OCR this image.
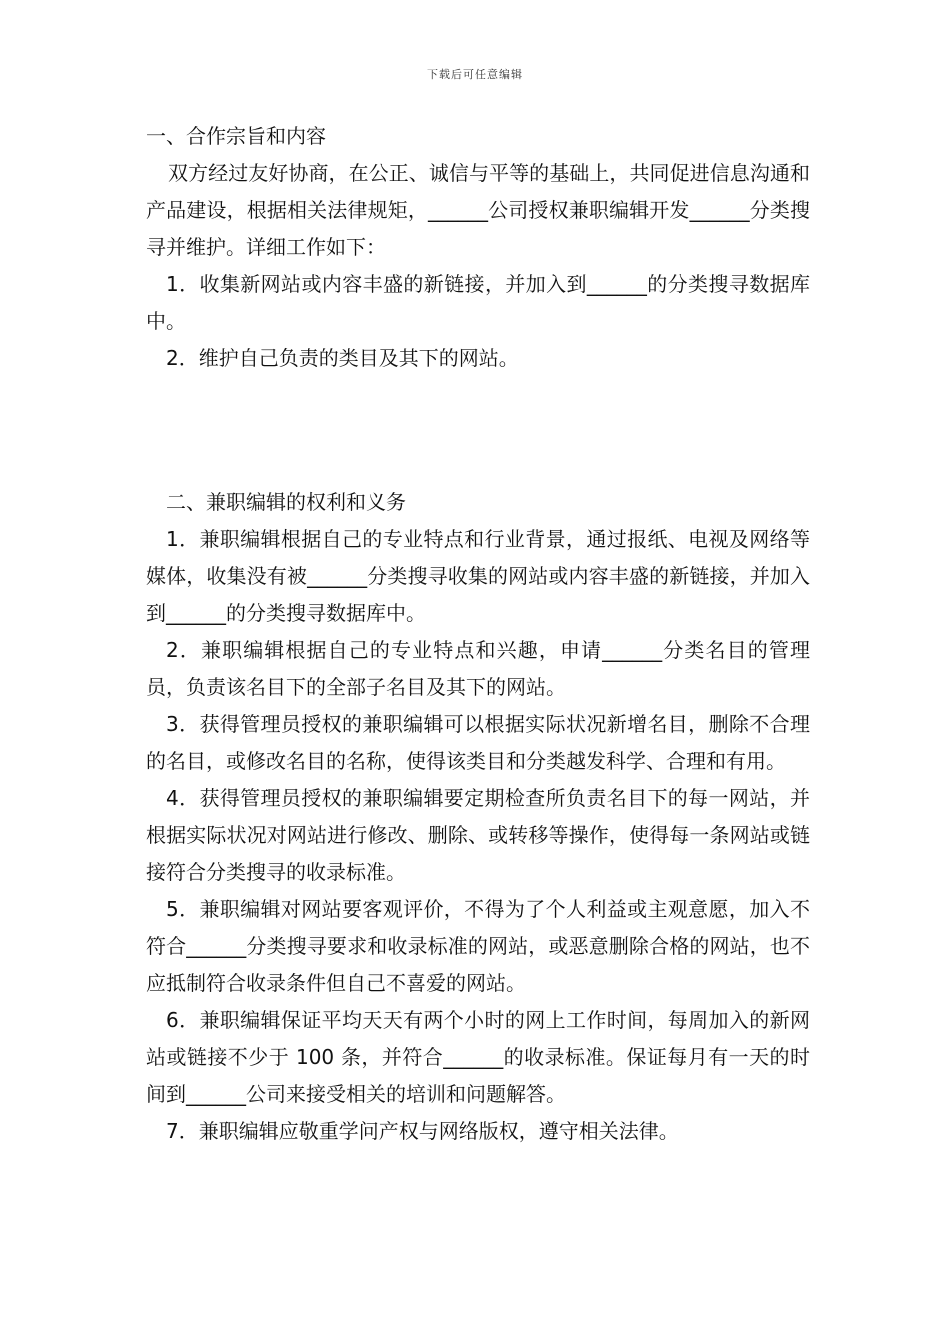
下载后可任意编辑

一、合作宗旨和内容

双方经过友好协商，在公正、诚信与平等的基础上，共同促进信息沟通和产品建设，根据相关法律规矩，______公司授权兼职编辑开发______分类搜寻并维护。详细工作如下：

1．收集新网站或内容丰盛的新链接，并加入到______的分类搜寻数据库中。

2．维护自己负责的类目及其下的网站。

二、兼职编辑的权利和义务

1．兼职编辑根据自己的专业特点和行业背景，通过报纸、电视及网络等媒体，收集没有被______分类搜寻收集的网站或内容丰盛的新链接，并加入到______的分类搜寻数据库中。

2．兼职编辑根据自己的专业特点和兴趣，申请______分类名目的管理员，负责该名目下的全部子名目及其下的网站。

3．获得管理员授权的兼职编辑可以根据实际状况新增名目，删除不合理的名目，或修改名目的名称，使得该类目和分类越发科学、合理和有用。

4．获得管理员授权的兼职编辑要定期检查所负责名目下的每一网站，并根据实际状况对网站进行修改、删除、或转移等操作，使得每一条网站或链接符合分类搜寻的收录标准。

5．兼职编辑对网站要客观评价，不得为了个人利益或主观意愿，加入不符合______分类搜寻要求和收录标准的网站，或恶意删除合格的网站，也不应抵制符合收录条件但自己不喜爱的网站。

6．兼职编辑保证平均天天有两个小时的网上工作时间，每周加入的新网站或链接不少于 100 条，并符合______的收录标准。保证每月有一天的时间到______公司来接受相关的培训和问题解答。

7．兼职编辑应敬重学问产权与网络版权，遵守相关法律。
